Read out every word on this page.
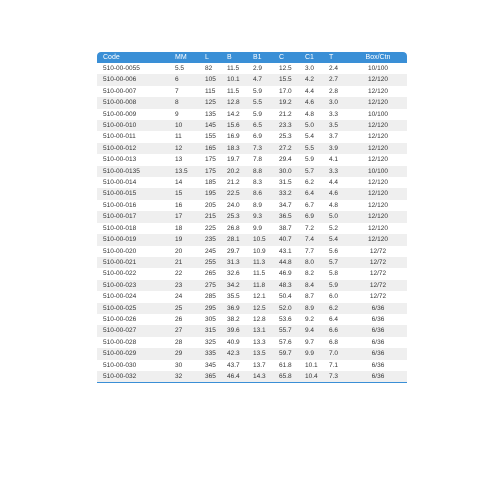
Code	MM	L	B	B1	C	C1	T	Box/Ctn
510-00-0055	5.5	82	11.5	2.9	12.5	3.0	2.4	10/100
510-00-006	6	105	10.1	4.7	15.5	4.2	2.7	12/120
510-00-007	7	115	11.5	5.9	17.0	4.4	2.8	12/120
510-00-008	8	125	12.8	5.5	19.2	4.6	3.0	12/120
510-00-009	9	135	14.2	5.9	21.2	4.8	3.3	10/100
510-00-010	10	145	15.6	6.5	23.3	5.0	3.5	12/120
510-00-011	11	155	16.9	6.9	25.3	5.4	3.7	12/120
510-00-012	12	165	18.3	7.3	27.2	5.5	3.9	12/120
510-00-013	13	175	19.7	7.8	29.4	5.9	4.1	12/120
510-00-0135	13.5	175	20.2	8.8	30.0	5.7	3.3	10/100
510-00-014	14	185	21.2	8.3	31.5	6.2	4.4	12/120
510-00-015	15	195	22.5	8.6	33.2	6.4	4.6	12/120
510-00-016	16	205	24.0	8.9	34.7	6.7	4.8	12/120
510-00-017	17	215	25.3	9.3	36.5	6.9	5.0	12/120
510-00-018	18	225	26.8	9.9	38.7	7.2	5.2	12/120
510-00-019	19	235	28.1	10.5	40.7	7.4	5.4	12/120
510-00-020	20	245	29.7	10.9	43.1	7.7	5.6	12/72
510-00-021	21	255	31.3	11.3	44.8	8.0	5.7	12/72
510-00-022	22	265	32.6	11.5	46.9	8.2	5.8	12/72
510-00-023	23	275	34.2	11.8	48.3	8.4	5.9	12/72
510-00-024	24	285	35.5	12.1	50.4	8.7	6.0	12/72
510-00-025	25	295	36.9	12.5	52.0	8.9	6.2	6/36
510-00-026	26	305	38.2	12.8	53.6	9.2	6.4	6/36
510-00-027	27	315	39.6	13.1	55.7	9.4	6.6	6/36
510-00-028	28	325	40.9	13.3	57.6	9.7	6.8	6/36
510-00-029	29	335	42.3	13.5	59.7	9.9	7.0	6/36
510-00-030	30	345	43.7	13.7	61.8	10.1	7.1	6/36
510-00-032	32	365	46.4	14.3	65.8	10.4	7.3	6/36
